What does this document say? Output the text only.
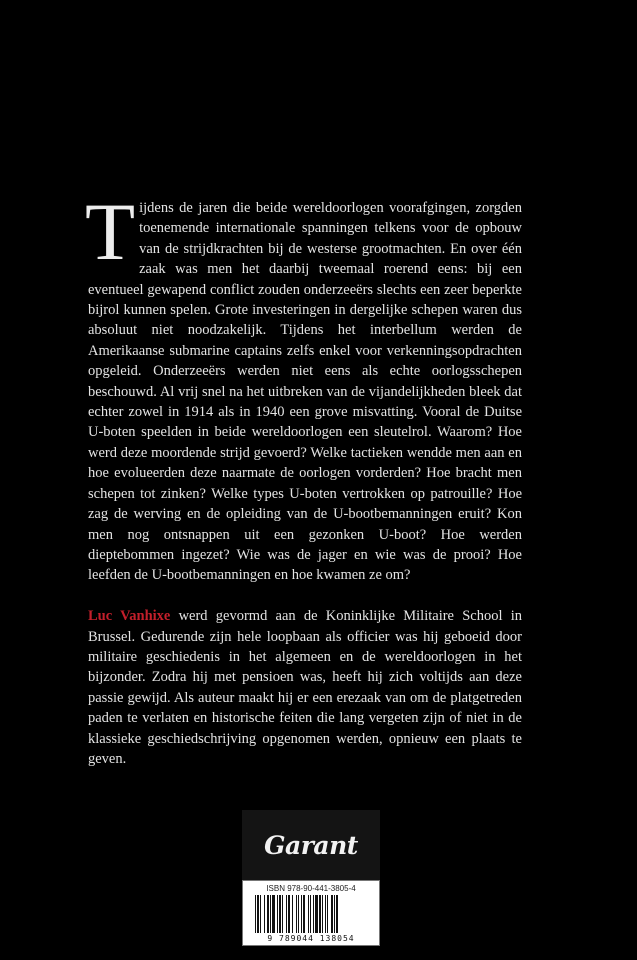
Tijdens de jaren die beide wereldoorlogen voorafgingen, zorgden toenemende internationale spanningen telkens voor de opbouw van de strijdkrachten bij de westerse grootmachten. En over één zaak was men het daarbij tweemaal roerend eens: bij een eventueel gewapend conflict zouden onderzeeërs slechts een zeer beperkte bijrol kunnen spelen. Grote investeringen in dergelijke schepen waren dus absoluut niet noodzakelijk. Tijdens het interbellum werden de Amerikaanse submarine captains zelfs enkel voor verkenningsopdrachten opgeleid. Onderzeeërs werden niet eens als echte oorlogsschepen beschouwd. Al vrij snel na het uitbreken van de vijandelijkheden bleek dat echter zowel in 1914 als in 1940 een grove misvatting. Vooral de Duitse U-boten speelden in beide wereldoorlogen een sleutelrol. Waarom? Hoe werd deze moordende strijd gevoerd? Welke tactieken wendde men aan en hoe evolueerden deze naarmate de oorlogen vorderden? Hoe bracht men schepen tot zinken? Welke types U-boten vertrokken op patrouille? Hoe zag de werving en de opleiding van de U-bootbemanningen eruit? Kon men nog ontsnappen uit een gezonken U-boot? Hoe werden dieptebommen ingezet? Wie was de jager en wie was de prooi? Hoe leefden de U-bootbemanningen en hoe kwamen ze om?

Luc Vanhixe werd gevormd aan de Koninklijke Militaire School in Brussel. Gedurende zijn hele loopbaan als officier was hij geboeid door militaire geschiedenis in het algemeen en de wereldoorlogen in het bijzonder. Zodra hij met pensioen was, heeft hij zich voltijds aan deze passie gewijd. Als auteur maakt hij er een erezaak van om de platgetreden paden te verlaten en historische feiten die lang vergeten zijn of niet in de klassieke geschiedschrijving opgenomen werden, opnieuw een plaats te geven.

Garant
ISBN 978-90-441-3805-4
9 789044 138054
